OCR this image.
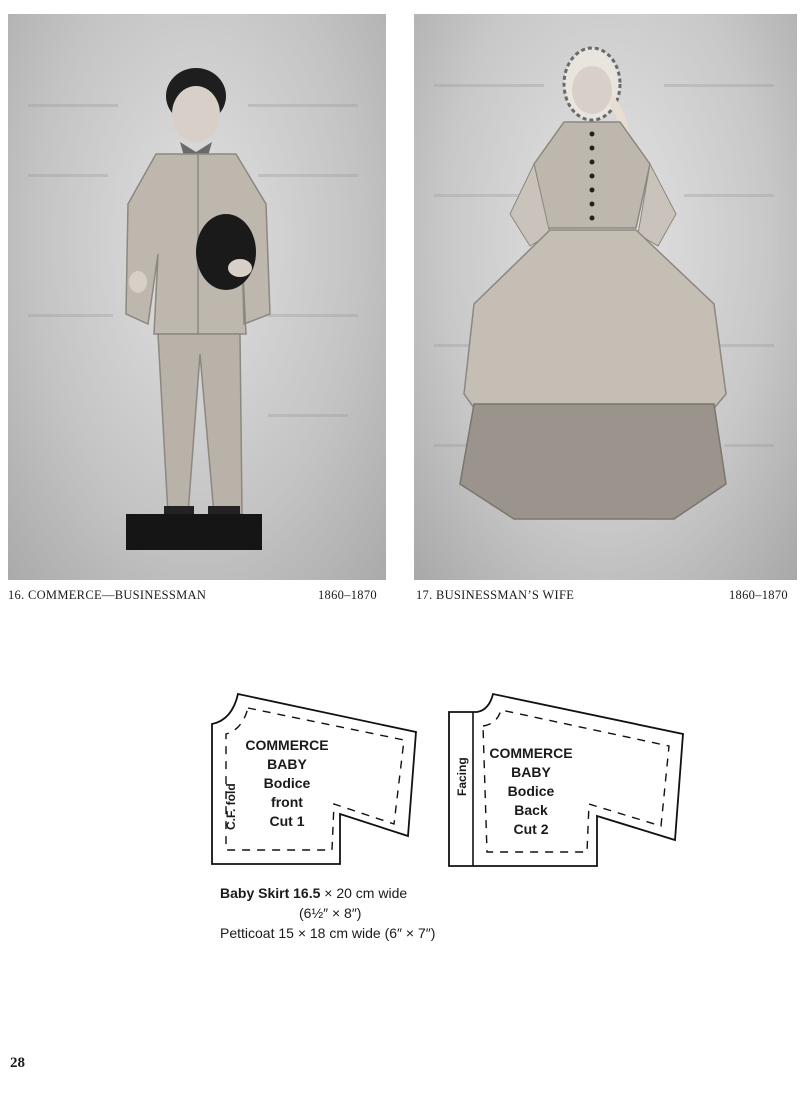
16. COMMERCE—BUSINESSMAN	1860–1870	17. BUSINESSMAN’S WIFE	1860–1870
COMMERCE
BABY
Bodice
front
Cut 1
C.F. fold
COMMERCE
BABY
Bodice
Back
Cut 2
Facing
Baby Skirt 16.5 × 20 cm wide
(6½″ × 8″)
Petticoat 15 × 18 cm wide (6″ × 7″)
28
